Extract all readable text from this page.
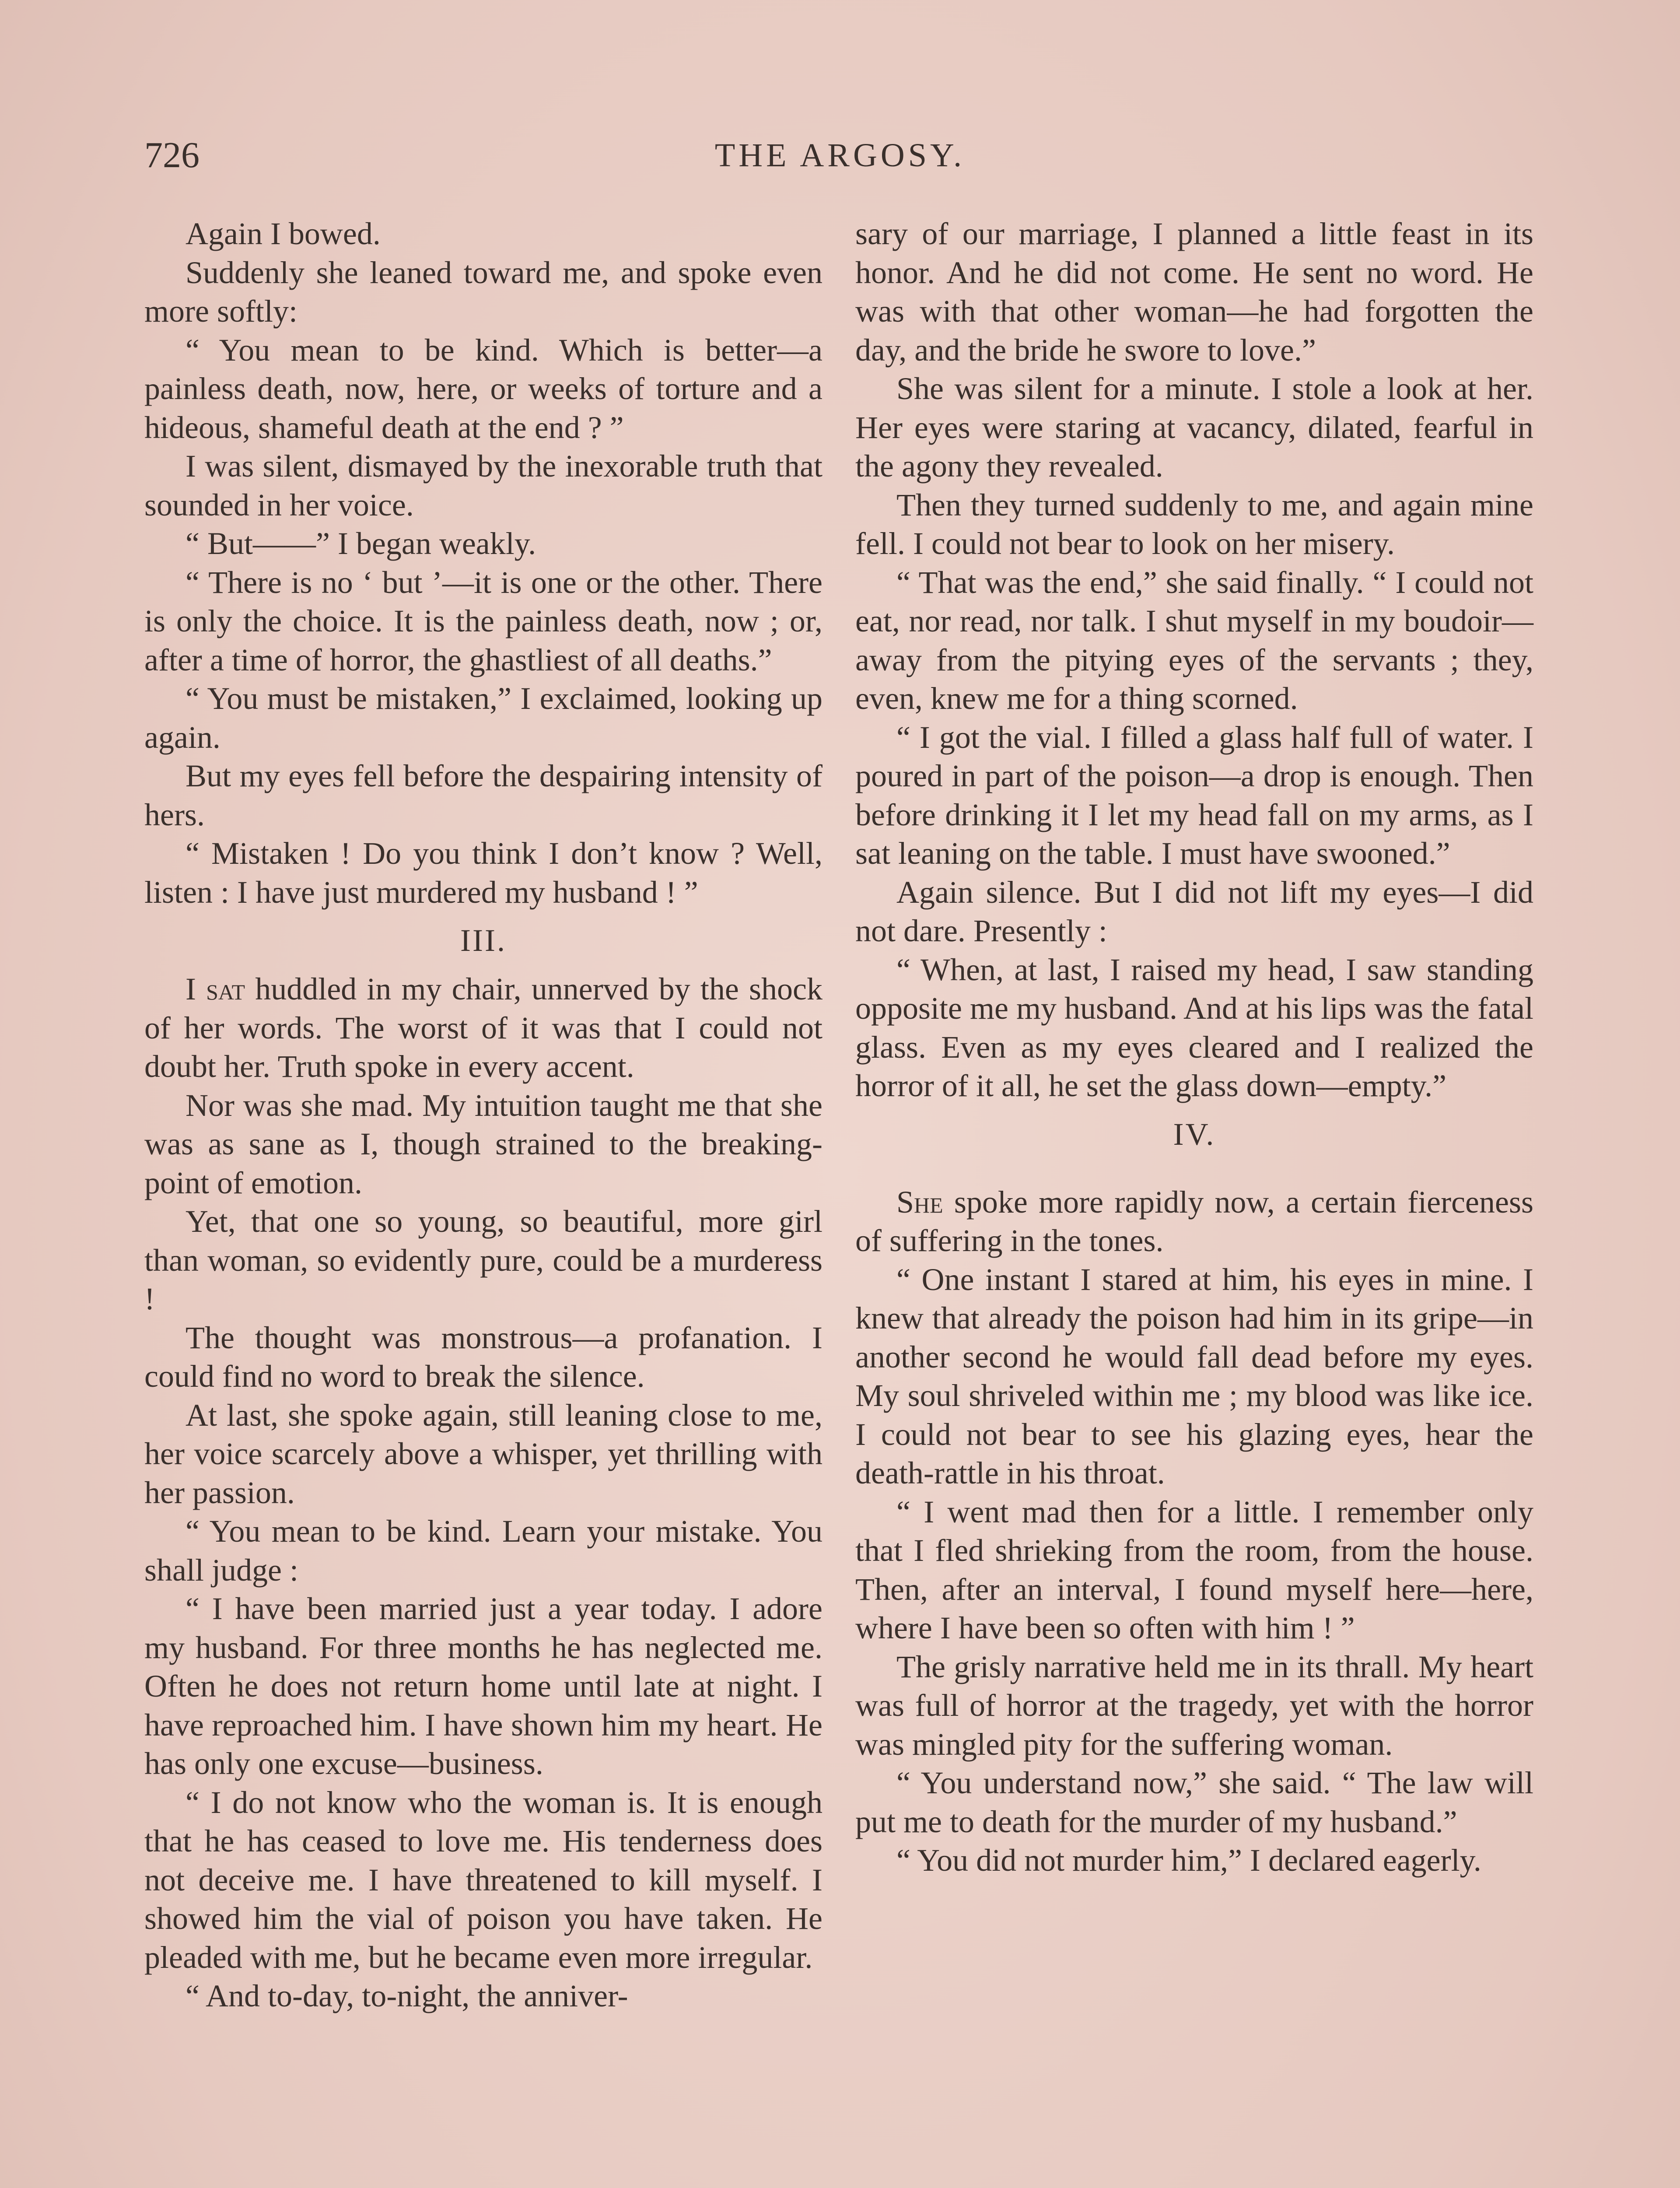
726	THE ARGOSY.

Again I bowed.

Suddenly she leaned toward me, and spoke even more softly:

“ You mean to be kind. Which is better—a painless death, now, here, or weeks of torture and a hideous, shameful death at the end ? ”

I was silent, dismayed by the inexorable truth that sounded in her voice.

“ But——” I began weakly.

“ There is no ‘ but ’—it is one or the other. There is only the choice. It is the painless death, now ; or, after a time of horror, the ghastliest of all deaths.”

“ You must be mistaken,” I exclaimed, looking up again.

But my eyes fell before the despairing intensity of hers.

“ Mistaken ! Do you think I don’t know ? Well, listen : I have just murdered my husband ! ”

III.

I sat huddled in my chair, unnerved by the shock of her words. The worst of it was that I could not doubt her. Truth spoke in every accent.

Nor was she mad. My intuition taught me that she was as sane as I, though strained to the breaking-point of emotion.

Yet, that one so young, so beautiful, more girl than woman, so evidently pure, could be a murderess !

The thought was monstrous—a profanation. I could find no word to break the silence.

At last, she spoke again, still leaning close to me, her voice scarcely above a whisper, yet thrilling with her passion.

“ You mean to be kind. Learn your mistake. You shall judge :

“ I have been married just a year today. I adore my husband. For three months he has neglected me. Often he does not return home until late at night. I have reproached him. I have shown him my heart. He has only one excuse—business.

“ I do not know who the woman is. It is enough that he has ceased to love me. His tenderness does not deceive me. I have threatened to kill myself. I showed him the vial of poison you have taken. He pleaded with me, but he became even more irregular.

“ And to-day, to-night, the anniver-

sary of our marriage, I planned a little feast in its honor. And he did not come. He sent no word. He was with that other woman—he had forgotten the day, and the bride he swore to love.”

She was silent for a minute. I stole a look at her. Her eyes were staring at vacancy, dilated, fearful in the agony they revealed.

Then they turned suddenly to me, and again mine fell. I could not bear to look on her misery.

“ That was the end,” she said finally. “ I could not eat, nor read, nor talk. I shut myself in my boudoir—away from the pitying eyes of the servants ; they, even, knew me for a thing scorned.

“ I got the vial. I filled a glass half full of water. I poured in part of the poison—a drop is enough. Then before drinking it I let my head fall on my arms, as I sat leaning on the table. I must have swooned.”

Again silence. But I did not lift my eyes—I did not dare. Presently :

“ When, at last, I raised my head, I saw standing opposite me my husband. And at his lips was the fatal glass. Even as my eyes cleared and I realized the horror of it all, he set the glass down—empty.”

IV.

She spoke more rapidly now, a certain fierceness of suffering in the tones.

“ One instant I stared at him, his eyes in mine. I knew that already the poison had him in its gripe—in another second he would fall dead before my eyes. My soul shriveled within me ; my blood was like ice. I could not bear to see his glazing eyes, hear the death-rattle in his throat.

“ I went mad then for a little. I remember only that I fled shrieking from the room, from the house. Then, after an interval, I found myself here—here, where I have been so often with him ! ”

The grisly narrative held me in its thrall. My heart was full of horror at the tragedy, yet with the horror was mingled pity for the suffering woman.

“ You understand now,” she said. “ The law will put me to death for the murder of my husband.”

“ You did not murder him,” I declared eagerly.
